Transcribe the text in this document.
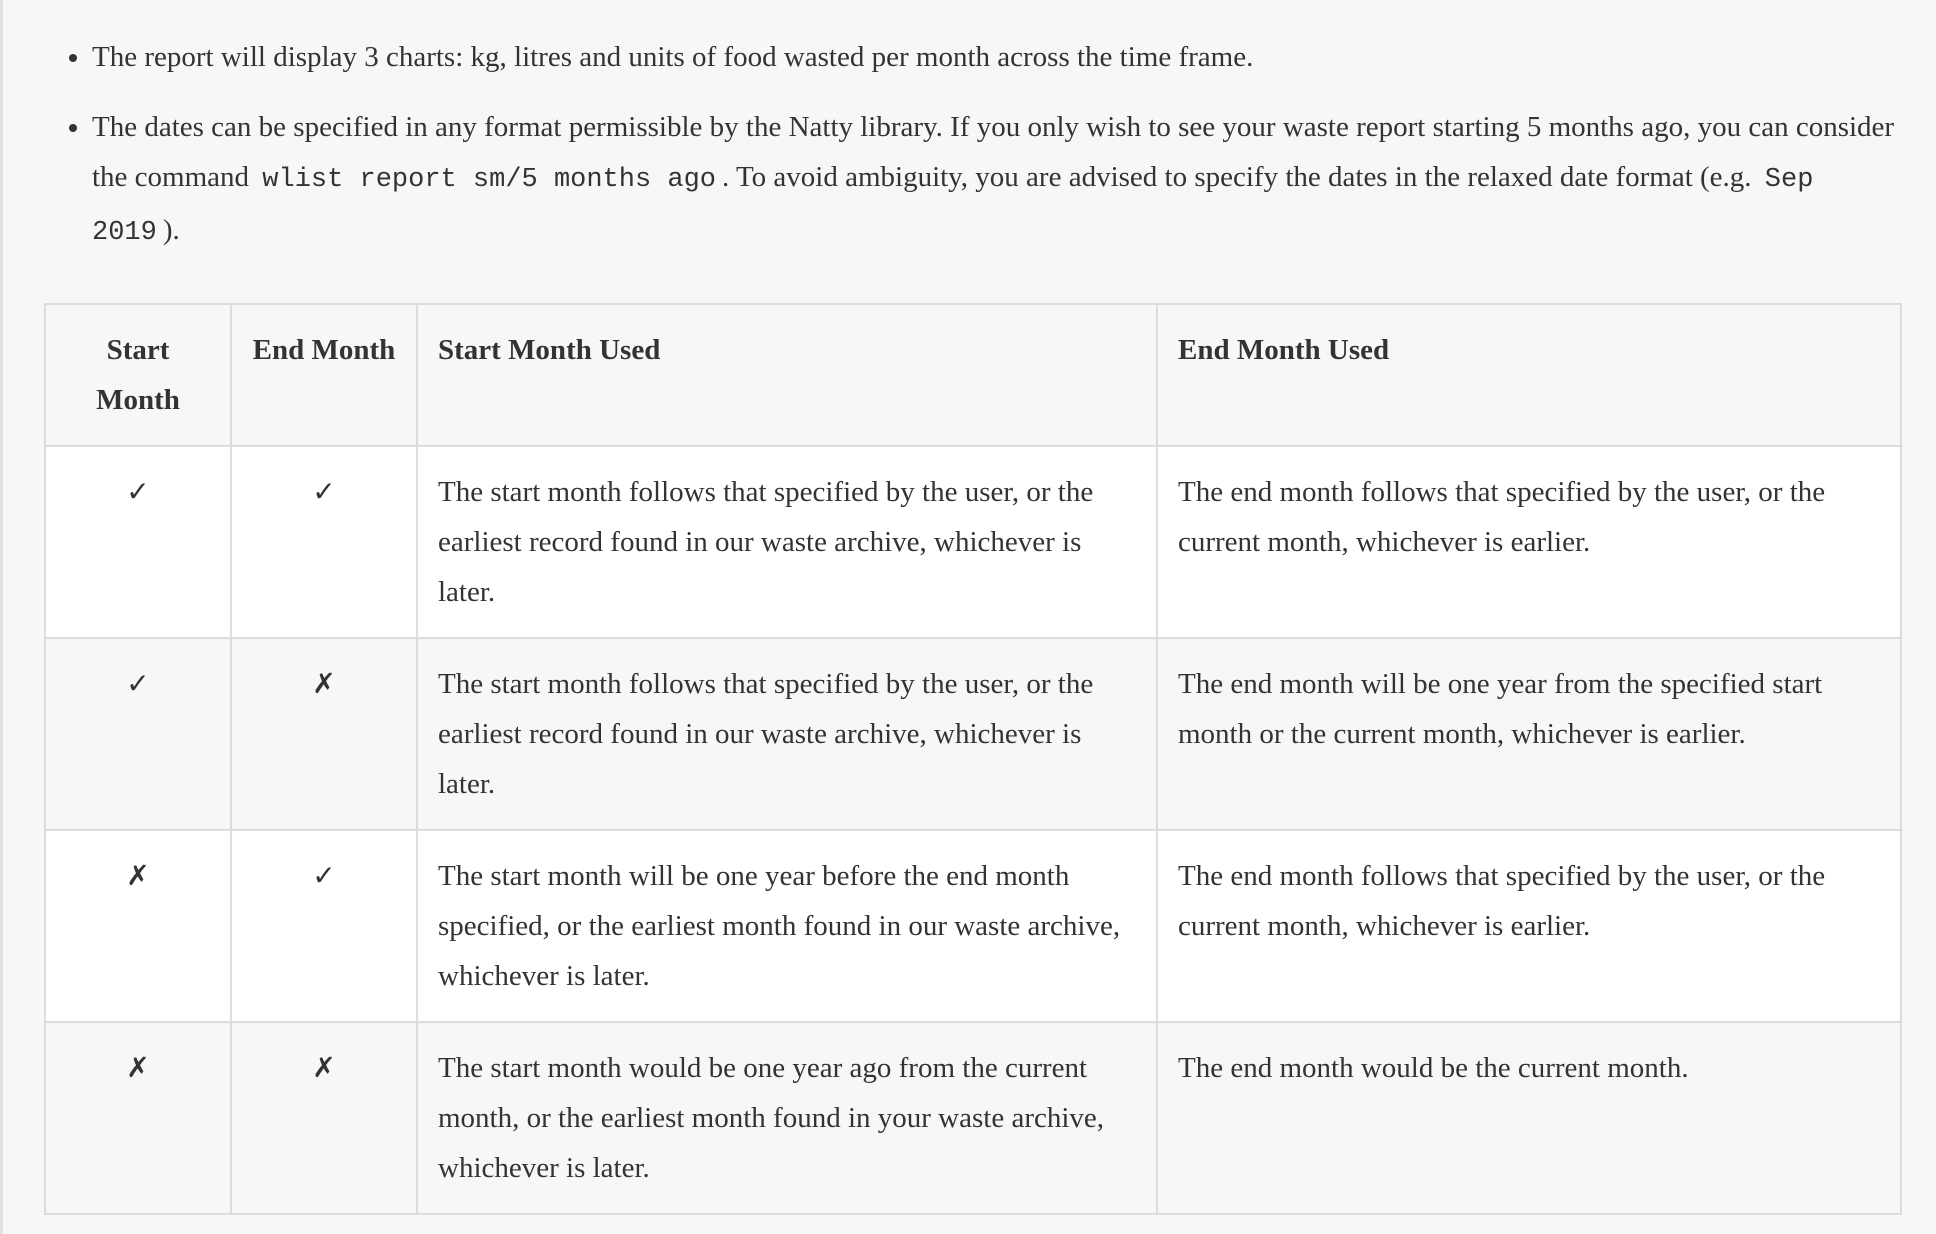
• The report will display 3 charts: kg, litres and units of food wasted per month across the time frame.
• The dates can be specified in any format permissible by the Natty library. If you only wish to see your waste report starting 5 months ago, you can consider the command wlist report sm/5 months ago . To avoid ambiguity, you are advised to specify the dates in the relaxed date format (e.g. Sep 2019 ).
Start Month	End Month	Start Month Used	End Month Used
✓	✓	The start month follows that specified by the user, or the earliest record found in our waste archive, whichever is later.	The end month follows that specified by the user, or the current month, whichever is earlier.
✓	✗	The start month follows that specified by the user, or the earliest record found in our waste archive, whichever is later.	The end month will be one year from the specified start month or the current month, whichever is earlier.
✗	✓	The start month will be one year before the end month specified, or the earliest month found in our waste archive, whichever is later.	The end month follows that specified by the user, or the current month, whichever is earlier.
✗	✗	The start month would be one year ago from the current month, or the earliest month found in your waste archive, whichever is later.	The end month would be the current month.
